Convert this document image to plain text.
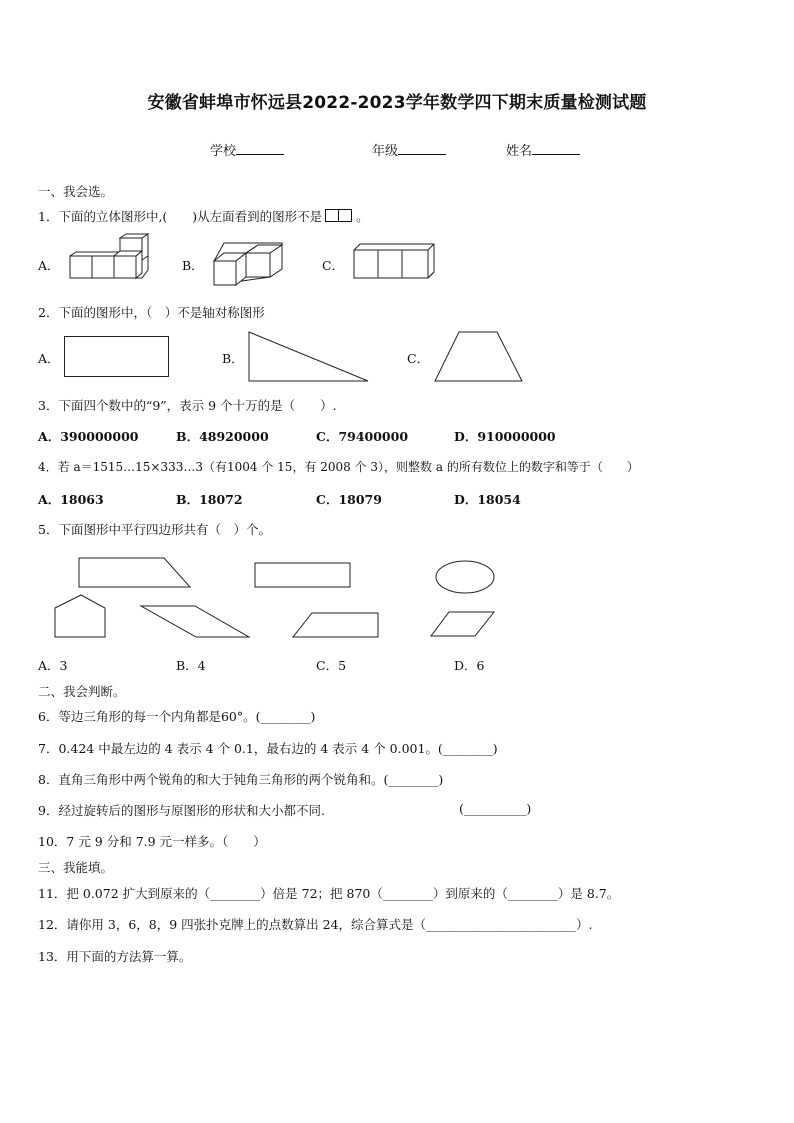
安徽省蚌埠市怀远县2022-2023学年数学四下期末质量检测试题
学校	年级	姓名
一、我会选。
1．下面的立体图形中,(　　)从左面看到的图形不是	。
A．	B．	C．
2．下面的图形中，（　）不是轴对称图形
A．	B．	C．
3．下面四个数中的“9”，表示 9 个十万的是（　　）.
A．390000000	B．48920000	C．79400000	D．910000000
4．若 a＝1515…15×333…3（有1004 个 15，有 2008 个 3），则整数 a 的所有数位上的数字和等于（　　）
A．18063	B．18072	C．18079	D．18054
5．下面图形中平行四边形共有（　）个。
A．3	B．4	C．5	D．6
二、我会判断。
6．等边三角形的每一个内角都是60°。(________)
7．0.424 中最左边的 4 表示 4 个 0.1，最右边的 4 表示 4 个 0.001。(________)
8．直角三角形中两个锐角的和大于钝角三角形的两个锐角和。(________)
9．经过旋转后的图形与原图形的形状和大小都不同.	(__________)
10．7 元 9 分和 7.9 元一样多。（　　）
三、我能填。
11．把 0.072 扩大到原来的（________）倍是 72；把 870（________）到原来的（________）是 8.7。
12．请你用 3，6，8，9 四张扑克牌上的点数算出 24，综合算式是（________________________）.
13．用下面的方法算一算。
